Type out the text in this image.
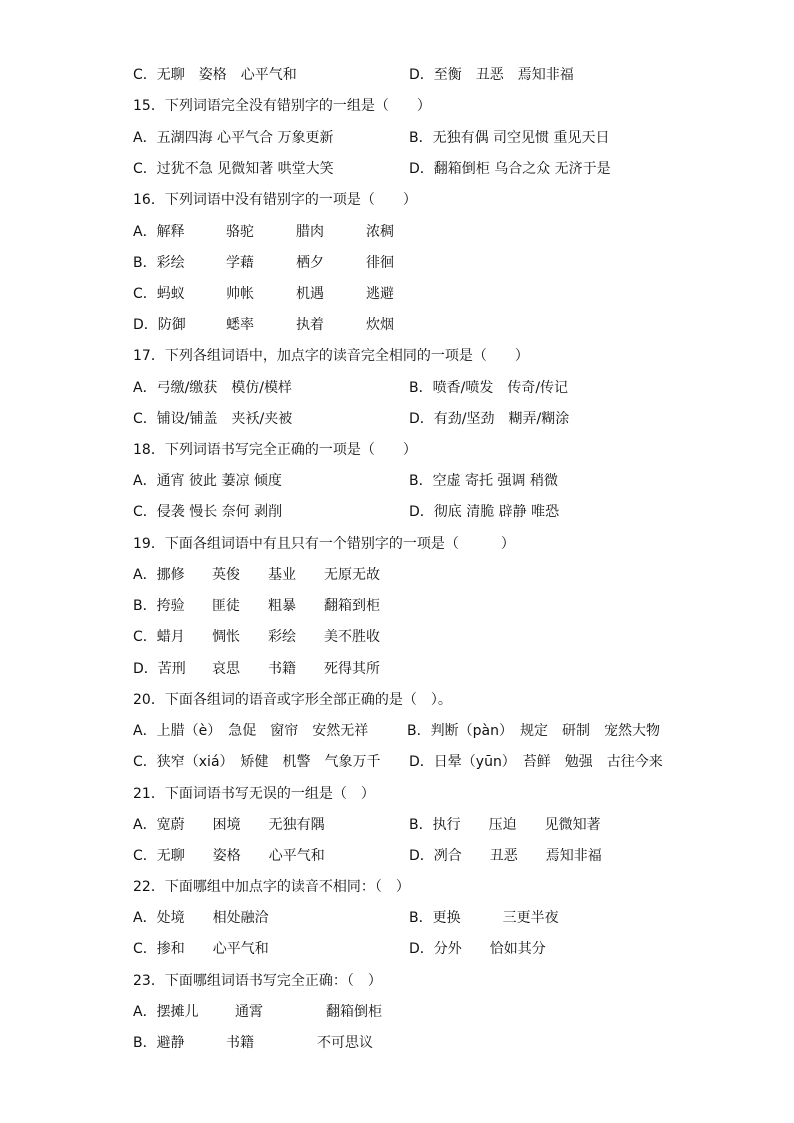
C．无聊　姿格　心平气和	D．至衡　丑恶　焉知非福
15．下列词语完全没有错别字的一组是（　　）
A．五湖四海 心平气合 万象更新	B．无独有偶 司空见惯 重见天日
C．过犹不急 见微知著 哄堂大笑	D．翻箱倒柜 乌合之众 无济于是
16．下列词语中没有错别字的一项是（　　）
A．解释	骆驼	腊肉	浓稠
B．彩绘	学藉	栖夕	徘徊
C．蚂蚁	帅帐	机遇	逃避
D．防御	蟋率	执着	炊烟
17．下列各组词语中，加点字的读音完全相同的一项是（　　）
A．弓缴/缴获　模仿/模样	B．喷香/喷发　传奇/传记
C．铺设/铺盖　夹袄/夹被	D．有劲/坚劲　糊弄/糊涂
18．下列词语书写完全正确的一项是（　　）
A．通宵 彼此 萋凉 倾度	B．空虚 寄托 强调 稍微
C．侵袭 慢长 奈何 剥削	D．彻底 清脆 辟静 唯恐
19．下面各组词语中有且只有一个错别字的一项是（　　　）
A．挪修 英俊 基业 无原无故
B．挎验 匪徒 粗暴 翻箱到柜
C．蜡月 惆怅 彩绘 美不胜收
D．苦刑 哀思 书籍 死得其所
20．下面各组词的语音或字形全部正确的是（　）。
A．上腊（è）　急促　窗帘　安然无祥	B．判断（pàn）　规定　研制　宠然大物
C．狭窄（xiá）　矫健　机警　气象万千 D．日晕（yūn）　苔鲜　勉强　古往今来
21．下面词语书写无误的一组是（　）
A．宽蔚　　困境　　无独有隅	B．执行　　压迫　　见微知著
C．无聊　　姿格　　心平气和	D．冽合　　丑恶　　焉知非福
22．下面哪组中加点字的读音不相同：（　）
A．处境　　相处融洽	B．更换　　　三更半夜
C．掺和　　心平气和	D．分外　　恰如其分
23．下面哪组词语书写完全正确：（　）
A．摆摊儿	通霄	翻箱倒柜
B．避静	书籍	不可思议
